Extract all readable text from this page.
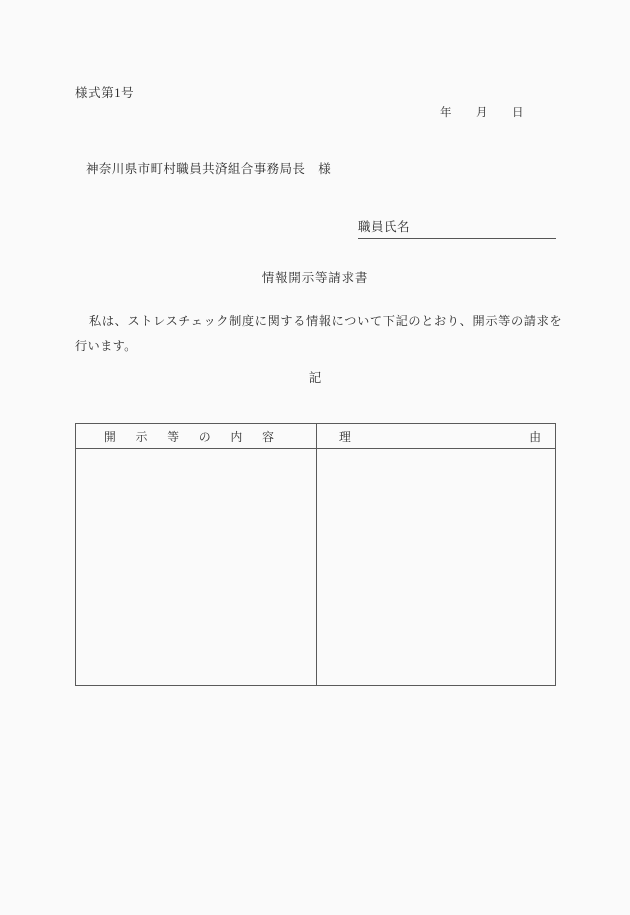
様式第1号
年　　月　　日
神奈川県市町村職員共済組合事務局長　様
職員氏名
情報開示等請求書
私は、ストレスチェック制度に関する情報について下記のとおり、開示等の請求を行います。
記
開 示 等 の 内 容	理	由
